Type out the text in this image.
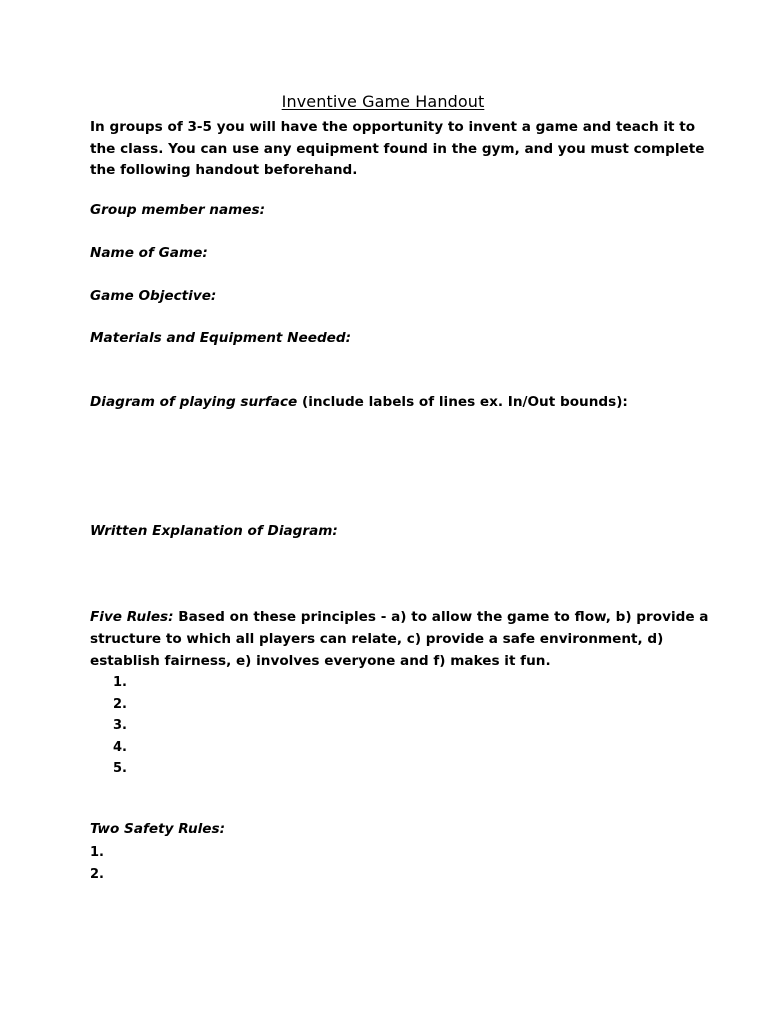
Inventive Game Handout
In groups of 3-5 you will have the opportunity to invent a game and teach it to the class. You can use any equipment found in the gym, and you must complete the following handout beforehand.
Group member names:
Name of Game:
Game Objective:
Materials and Equipment Needed:
Diagram of playing surface (include labels of lines ex. In/Out bounds):
Written Explanation of Diagram:
Five Rules: Based on these principles - a) to allow the game to flow, b) provide a structure to which all players can relate, c) provide a safe environment, d) establish fairness, e) involves everyone and f) makes it fun.
1.
2.
3.
4.
5.
Two Safety Rules:
1.
2.
